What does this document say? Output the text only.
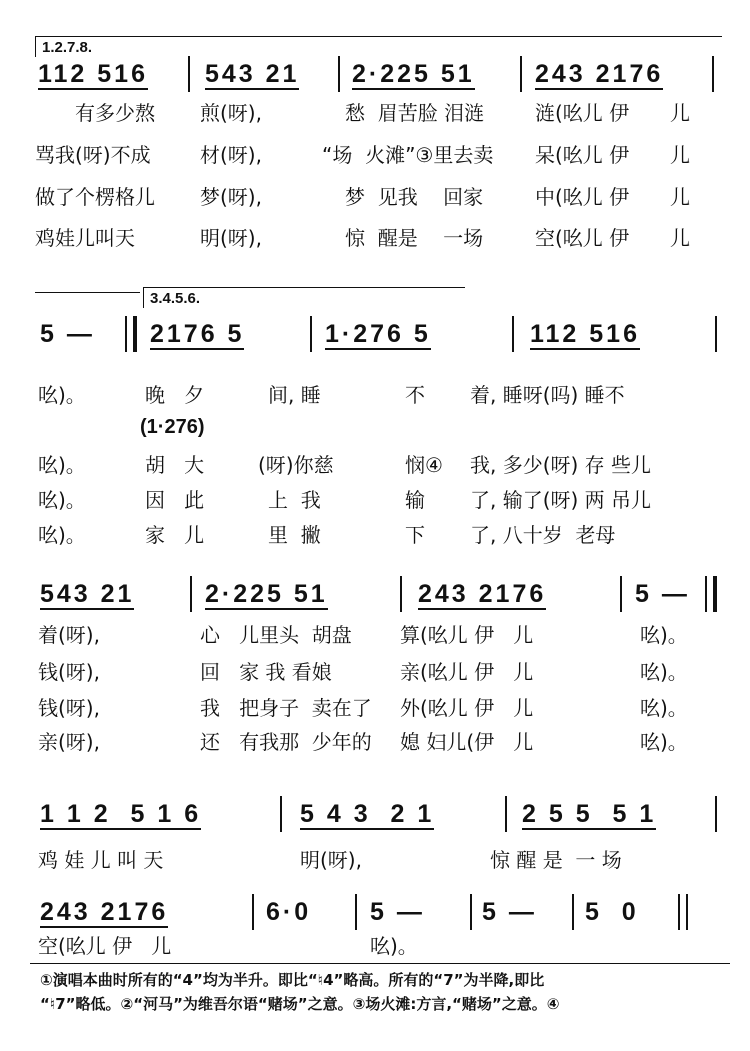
1.2.7.8.
112 516 543 21 2·225 51 243 2176
有多少熬 煎(呀),	愁  眉苦脸 泪涟	涟(吆儿 伊 儿
骂我(呀)不成 材(呀),	“场  火滩”③里去卖 呆(吆儿 伊 儿
做了个楞格儿 梦(呀),	梦  见我    回家	中(吆儿 伊 儿
鸡娃儿叫天	明(呀),	惊  醒是    一场	空(吆儿 伊 儿
3.4.5.6.
5 — 2176 5	1·276 5	112 516
吆)。	晚   夕	间, 睡	不 着, 睡呀(吗) 睡不
(1·276)
吆)。	胡   大	(呀)你慈	悯④ 我, 多少(呀) 存 些儿
吆)。	因   此	上  我	输 了, 输了(呀) 两 吊儿
吆)。	家   儿	里  撇	下 了, 八十岁  老母
543 21	2·225 51	243 2176	5 —
着(呀),	心   儿里头  胡盘 算(吆儿 伊   儿	吆)。
钱(呀),	回   家 我 看娘	亲(吆儿 伊   儿	吆)。
钱(呀),	我   把身子  卖在了 外(吆儿 伊   儿	吆)。
亲(呀),	还   有我那  少年的 媳 妇儿(伊   儿	吆)。
1 1 2  5 1 6	5 4 3  2 1	2 5 5  5 1
鸡 娃 儿 叫 天	明(呀),	惊 醒 是  一 场
243 2176	6·0 5 — 5 — 5  0
空(吆儿 伊   儿	吆)。
①演唱本曲时所有的“4”均为半升。即比“♮4”略高。所有的“7”为半降,即比
“♮7”略低。②“河马”为维吾尔语“赌场”之意。③场火滩:方言,“赌场”之意。④
